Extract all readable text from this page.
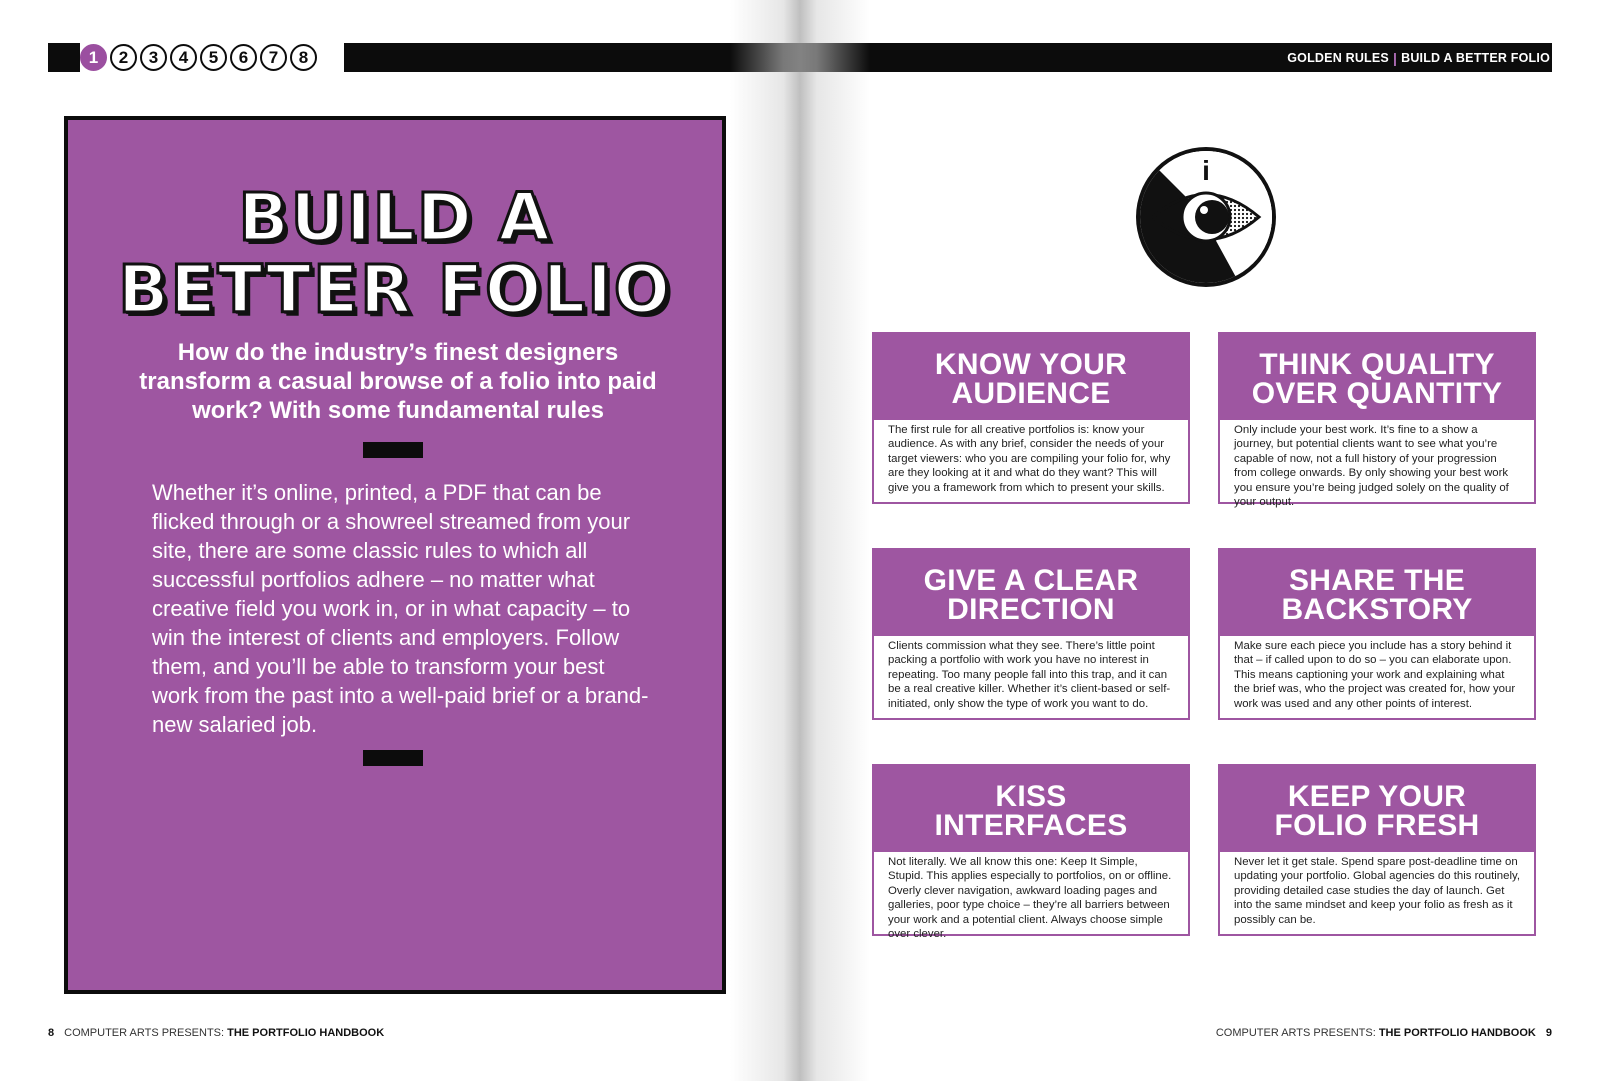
1	2	3	4	5	6	7	8	GOLDEN RULES | BUILD A BETTER FOLIO
BUILD A
BETTER FOLIO
How do the industry’s finest designers transform a casual browse of a folio into paid work? With some fundamental rules
Whether it’s online, printed, a PDF that can be flicked through or a showreel streamed from your site, there are some classic rules to which all successful portfolios adhere – no matter what creative field you work in, or in what capacity – to win the interest of clients and employers. Follow them, and you’ll be able to transform your best work from the past into a well-paid brief or a brand-new salaried job.
i
KNOW YOUR
AUDIENCE
The first rule for all creative portfolios is: know your audience. As with any brief, consider the needs of your target viewers: who you are compiling your folio for, why are they looking at it and what do they want? This will give you a framework from which to present your skills.
THINK QUALITY
OVER QUANTITY
Only include your best work. It’s fine to a show a journey, but potential clients want to see what you’re capable of now, not a full history of your progression from college onwards. By only showing your best work you ensure you’re being judged solely on the quality of your output.
GIVE A CLEAR
DIRECTION
Clients commission what they see. There’s little point packing a portfolio with work you have no interest in repeating. Too many people fall into this trap, and it can be a real creative killer. Whether it’s client-based or self-initiated, only show the type of work you want to do.
SHARE THE
BACKSTORY
Make sure each piece you include has a story behind it that – if called upon to do so – you can elaborate upon. This means captioning your work and explaining what the brief was, who the project was created for, how your work was used and any other points of interest.
KISS
INTERFACES
Not literally. We all know this one: Keep It Simple, Stupid. This applies especially to portfolios, on or offline. Overly clever navigation, awkward loading pages and galleries, poor type choice – they’re all barriers between your work and a potential client. Always choose simple over clever.
KEEP YOUR
FOLIO FRESH
Never let it get stale. Spend spare post-deadline time on updating your portfolio. Global agencies do this routinely, providing detailed case studies the day of launch. Get into the same mindset and keep your folio as fresh as it possibly can be.
8 COMPUTER ARTS PRESENTS: THE PORTFOLIO HANDBOOK	COMPUTER ARTS PRESENTS: THE PORTFOLIO HANDBOOK 9
